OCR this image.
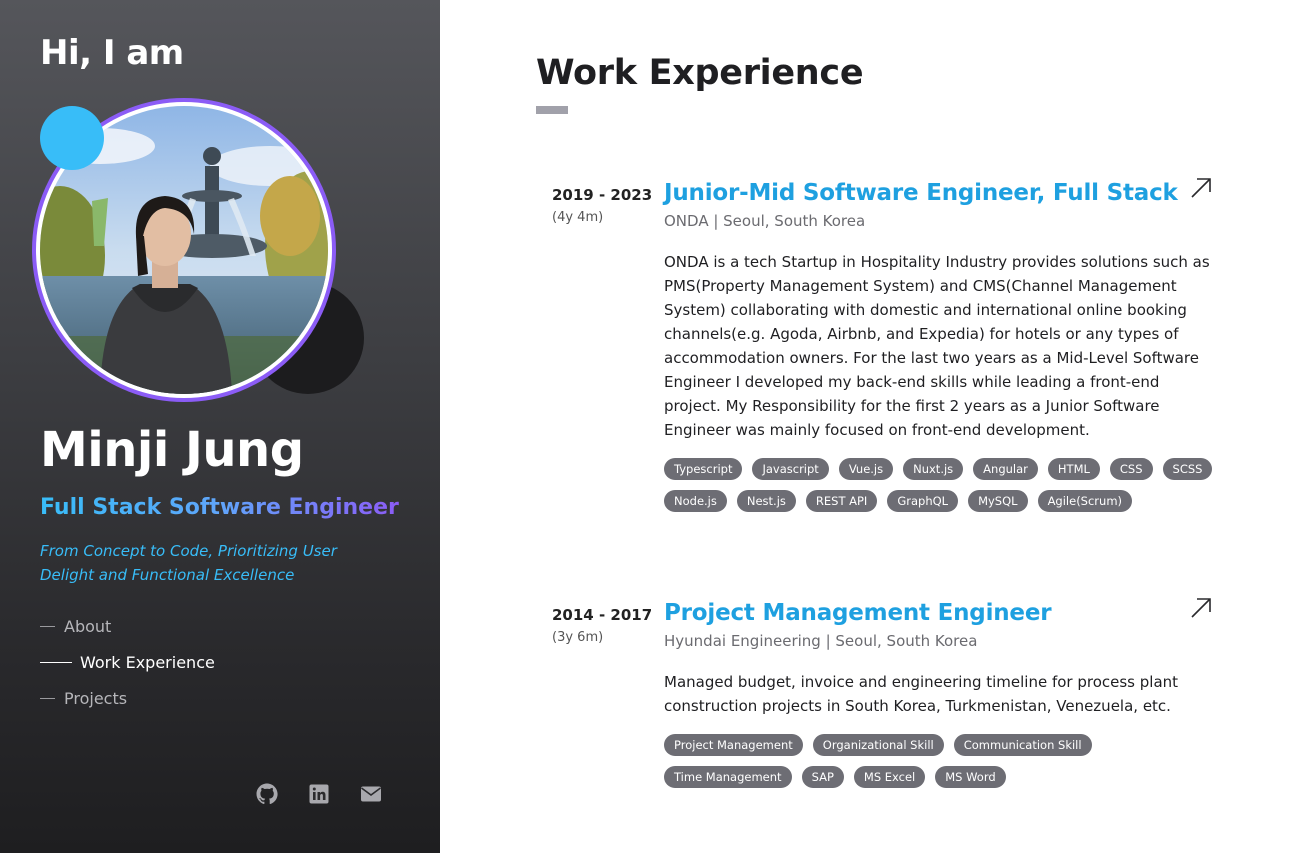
Hi, I am
Minji Jung
Full Stack Software Engineer
From Concept to Code, Prioritizing User Delight and Functional Excellence
About
Work Experience
Projects
Work Experience
2019 - 2023
(4y 4m)
Junior-Mid Software Engineer, Full Stack
ONDA | Seoul, South Korea

ONDA is a tech Startup in Hospitality Industry provides solutions such as PMS(Property Management System) and CMS(Channel Management System) collaborating with domestic and international online booking channels(e.g. Agoda, Airbnb, and Expedia) for hotels or any types of accommodation owners. For the last two years as a Mid-Level Software Engineer I developed my back-end skills while leading a front-end project. My Responsibility for the first 2 years as a Junior Software Engineer was mainly focused on front-end development.

Typescript	Javascript	Vue.js	Nuxt.js	Angular	HTML	CSS	SCSS
Node.js	Nest.js	REST API	GraphQL	MySQL	Agile(Scrum)
2014 - 2017
(3y 6m)
Project Management Engineer
Hyundai Engineering | Seoul, South Korea

Managed budget, invoice and engineering timeline for process plant construction projects in South Korea, Turkmenistan, Venezuela, etc.

Project Management	Organizational Skill	Communication Skill
Time Management	SAP	MS Excel	MS Word
